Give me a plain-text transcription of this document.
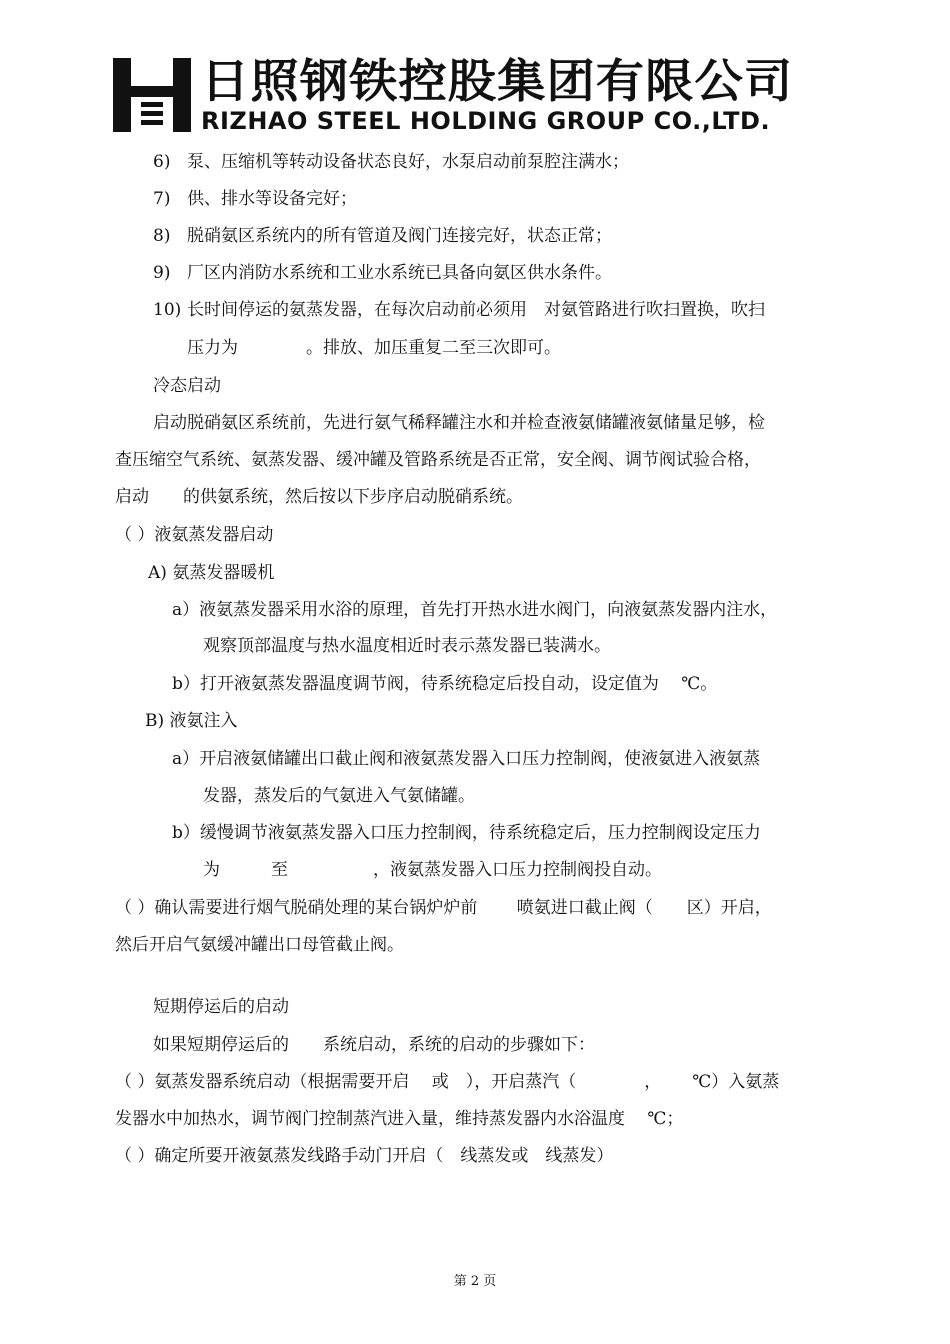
日照钢铁控股集团有限公司
RIZHAO STEEL HOLDING GROUP CO.,LTD.
6) 泵、压缩机等转动设备状态良好，水泵启动前泵腔注满水；
7) 供、排水等设备完好；
8) 脱硝氨区系统内的所有管道及阀门连接完好，状态正常；
9) 厂区内消防水系统和工业水系统已具备向氨区供水条件。
10) 长时间停运的氨蒸发器，在每次启动前必须用　对氨管路进行吹扫置换，吹扫
压力为　　　　。排放、加压重复二至三次即可。
冷态启动
启动脱硝氨区系统前，先进行氨气稀释罐注水和并检查液氨储罐液氨储量足够，检
查压缩空气系统、氨蒸发器、缓冲罐及管路系统是否正常，安全阀、调节阀试验合格，
启动　　的供氨系统，然后按以下步序启动脱硝系统。
（ ）液氨蒸发器启动
A) 氨蒸发器暖机
a）液氨蒸发器采用水浴的原理，首先打开热水进水阀门，向液氨蒸发器内注水，
观察顶部温度与热水温度相近时表示蒸发器已装满水。
b）打开液氨蒸发器温度调节阀，待系统稳定后投自动，设定值为　 ℃。
B) 液氨注入
a）开启液氨储罐出口截止阀和液氨蒸发器入口压力控制阀，使液氨进入液氨蒸
发器，蒸发后的气氨进入气氨储罐。
b）缓慢调节液氨蒸发器入口压力控制阀，待系统稳定后，压力控制阀设定压力
为　　　至　　　　　，液氨蒸发器入口压力控制阀投自动。
（ ）确认需要进行烟气脱硝处理的某台锅炉炉前　　 喷氨进口截止阀（　　区）开启，
然后开启气氨缓冲罐出口母管截止阀。
短期停运后的启动
如果短期停运后的　　系统启动，系统的启动的步骤如下：
（ ）氨蒸发器系统启动（根据需要开启　 或　），开启蒸汽（　　　　，　　 ℃）入氨蒸
发器水中加热水，调节阀门控制蒸汽进入量，维持蒸发器内水浴温度　 ℃；
（ ）确定所要开液氨蒸发线路手动门开启（　线蒸发或　线蒸发）
第 2 页
